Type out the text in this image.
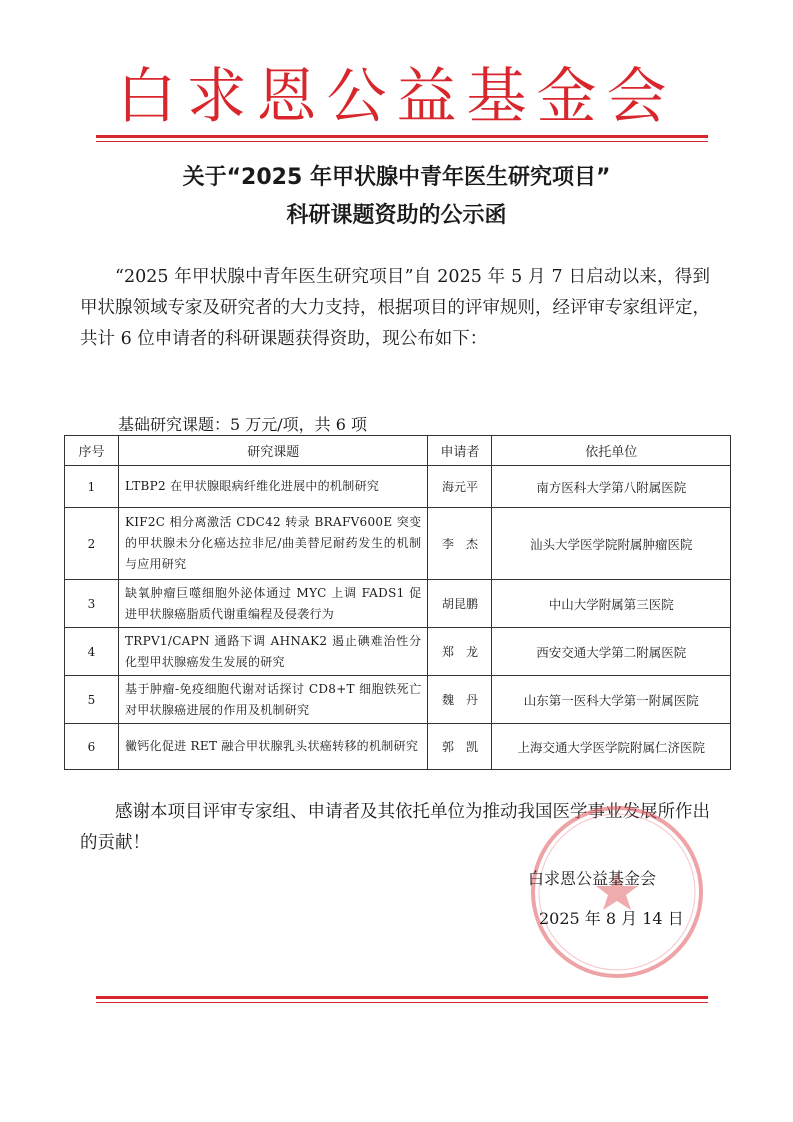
白求恩公益基金会
关于“2025 年甲状腺中青年医生研究项目”
科研课题资助的公示函
“2025 年甲状腺中青年医生研究项目”自 2025 年 5 月 7 日启动以来，得到甲状腺领域专家及研究者的大力支持，根据项目的评审规则，经评审专家组评定，共计 6 位申请者的科研课题获得资助，现公布如下：
基础研究课题：5 万元/项，共 6 项
序号	研究课题	申请者	依托单位
1	LTBP2 在甲状腺眼病纤维化进展中的机制研究	海元平	南方医科大学第八附属医院
2	KIF2C 相分离激活 CDC42 转录 BRAFV600E 突变的甲状腺未分化癌达拉非尼/曲美替尼耐药发生的机制与应用研究	李　杰	汕头大学医学院附属肿瘤医院
3	缺氧肿瘤巨噬细胞外泌体通过 MYC 上调 FADS1 促进甲状腺癌脂质代谢重编程及侵袭行为	胡昆鹏	中山大学附属第三医院
4	TRPV1/CAPN 通路下调 AHNAK2 遏止碘难治性分化型甲状腺癌发生发展的研究	郑　龙	西安交通大学第二附属医院
5	基于肿瘤-免疫细胞代谢对话探讨 CD8+T 细胞铁死亡对甲状腺癌进展的作用及机制研究	魏　丹	山东第一医科大学第一附属医院
6	黴钙化促进 RET 融合甲状腺乳头状癌转移的机制研究	郭　凯	上海交通大学医学院附属仁济医院
感谢本项目评审专家组、申请者及其依托单位为推动我国医学事业发展所作出的贡献！
白求恩公益基金会
2025 年 8 月 14 日
